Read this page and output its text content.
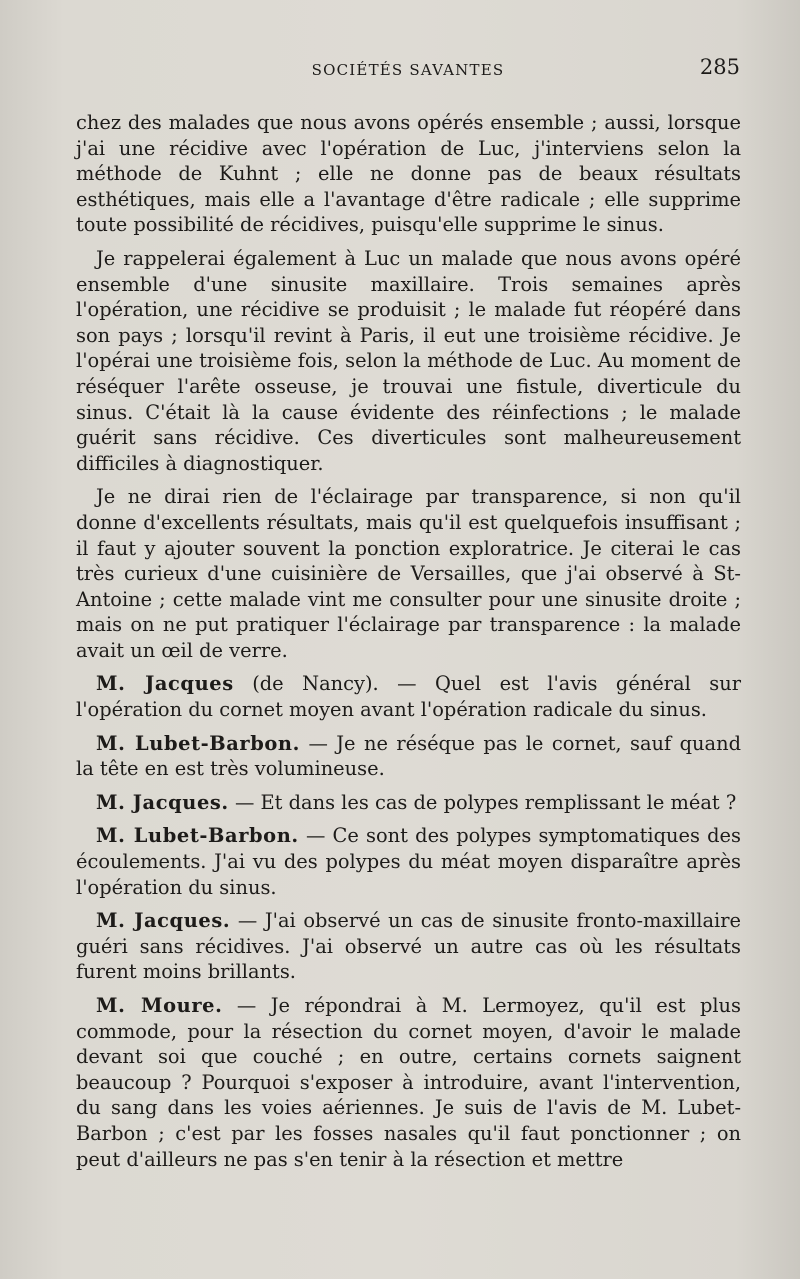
SOCIÉTÉS SAVANTES	285

chez des malades que nous avons opérés ensemble ; aussi, lorsque j'ai une récidive avec l'opération de Luc, j'interviens selon la méthode de Kuhnt ; elle ne donne pas de beaux résultats esthétiques, mais elle a l'avantage d'être radicale ; elle supprime toute possibilité de récidives, puisqu'elle supprime le sinus.

Je rappelerai également à Luc un malade que nous avons opéré ensemble d'une sinusite maxillaire. Trois semaines après l'opération, une récidive se produisit ; le malade fut réopéré dans son pays ; lorsqu'il revint à Paris, il eut une troisième récidive. Je l'opérai une troisième fois, selon la méthode de Luc. Au moment de réséquer l'arête osseuse, je trouvai une fistule, diverticule du sinus. C'était là la cause évidente des réinfections ; le malade guérit sans récidive. Ces diverticules sont malheureusement difficiles à diagnostiquer.

Je ne dirai rien de l'éclairage par transparence, si non qu'il donne d'excellents résultats, mais qu'il est quelquefois insuffisant ; il faut y ajouter souvent la ponction exploratrice. Je citerai le cas très curieux d'une cuisinière de Versailles, que j'ai observé à St-Antoine ; cette malade vint me consulter pour une sinusite droite ; mais on ne put pratiquer l'éclairage par transparence : la malade avait un œil de verre.

M. Jacques (de Nancy). — Quel est l'avis général sur l'opération du cornet moyen avant l'opération radicale du sinus.

M. Lubet-Barbon. — Je ne réséque pas le cornet, sauf quand la tête en est très volumineuse.

M. Jacques. — Et dans les cas de polypes remplissant le méat ?

M. Lubet-Barbon. — Ce sont des polypes symptomatiques des écoulements. J'ai vu des polypes du méat moyen disparaître après l'opération du sinus.

M. Jacques. — J'ai observé un cas de sinusite fronto-maxillaire guéri sans récidives. J'ai observé un autre cas où les résultats furent moins brillants.

M. Moure. — Je répondrai à M. Lermoyez, qu'il est plus commode, pour la résection du cornet moyen, d'avoir le malade devant soi que couché ; en outre, certains cornets saignent beaucoup ? Pourquoi s'exposer à introduire, avant l'intervention, du sang dans les voies aériennes. Je suis de l'avis de M. Lubet-Barbon ; c'est par les fosses nasales qu'il faut ponctionner ; on peut d'ailleurs ne pas s'en tenir à la résection et mettre
